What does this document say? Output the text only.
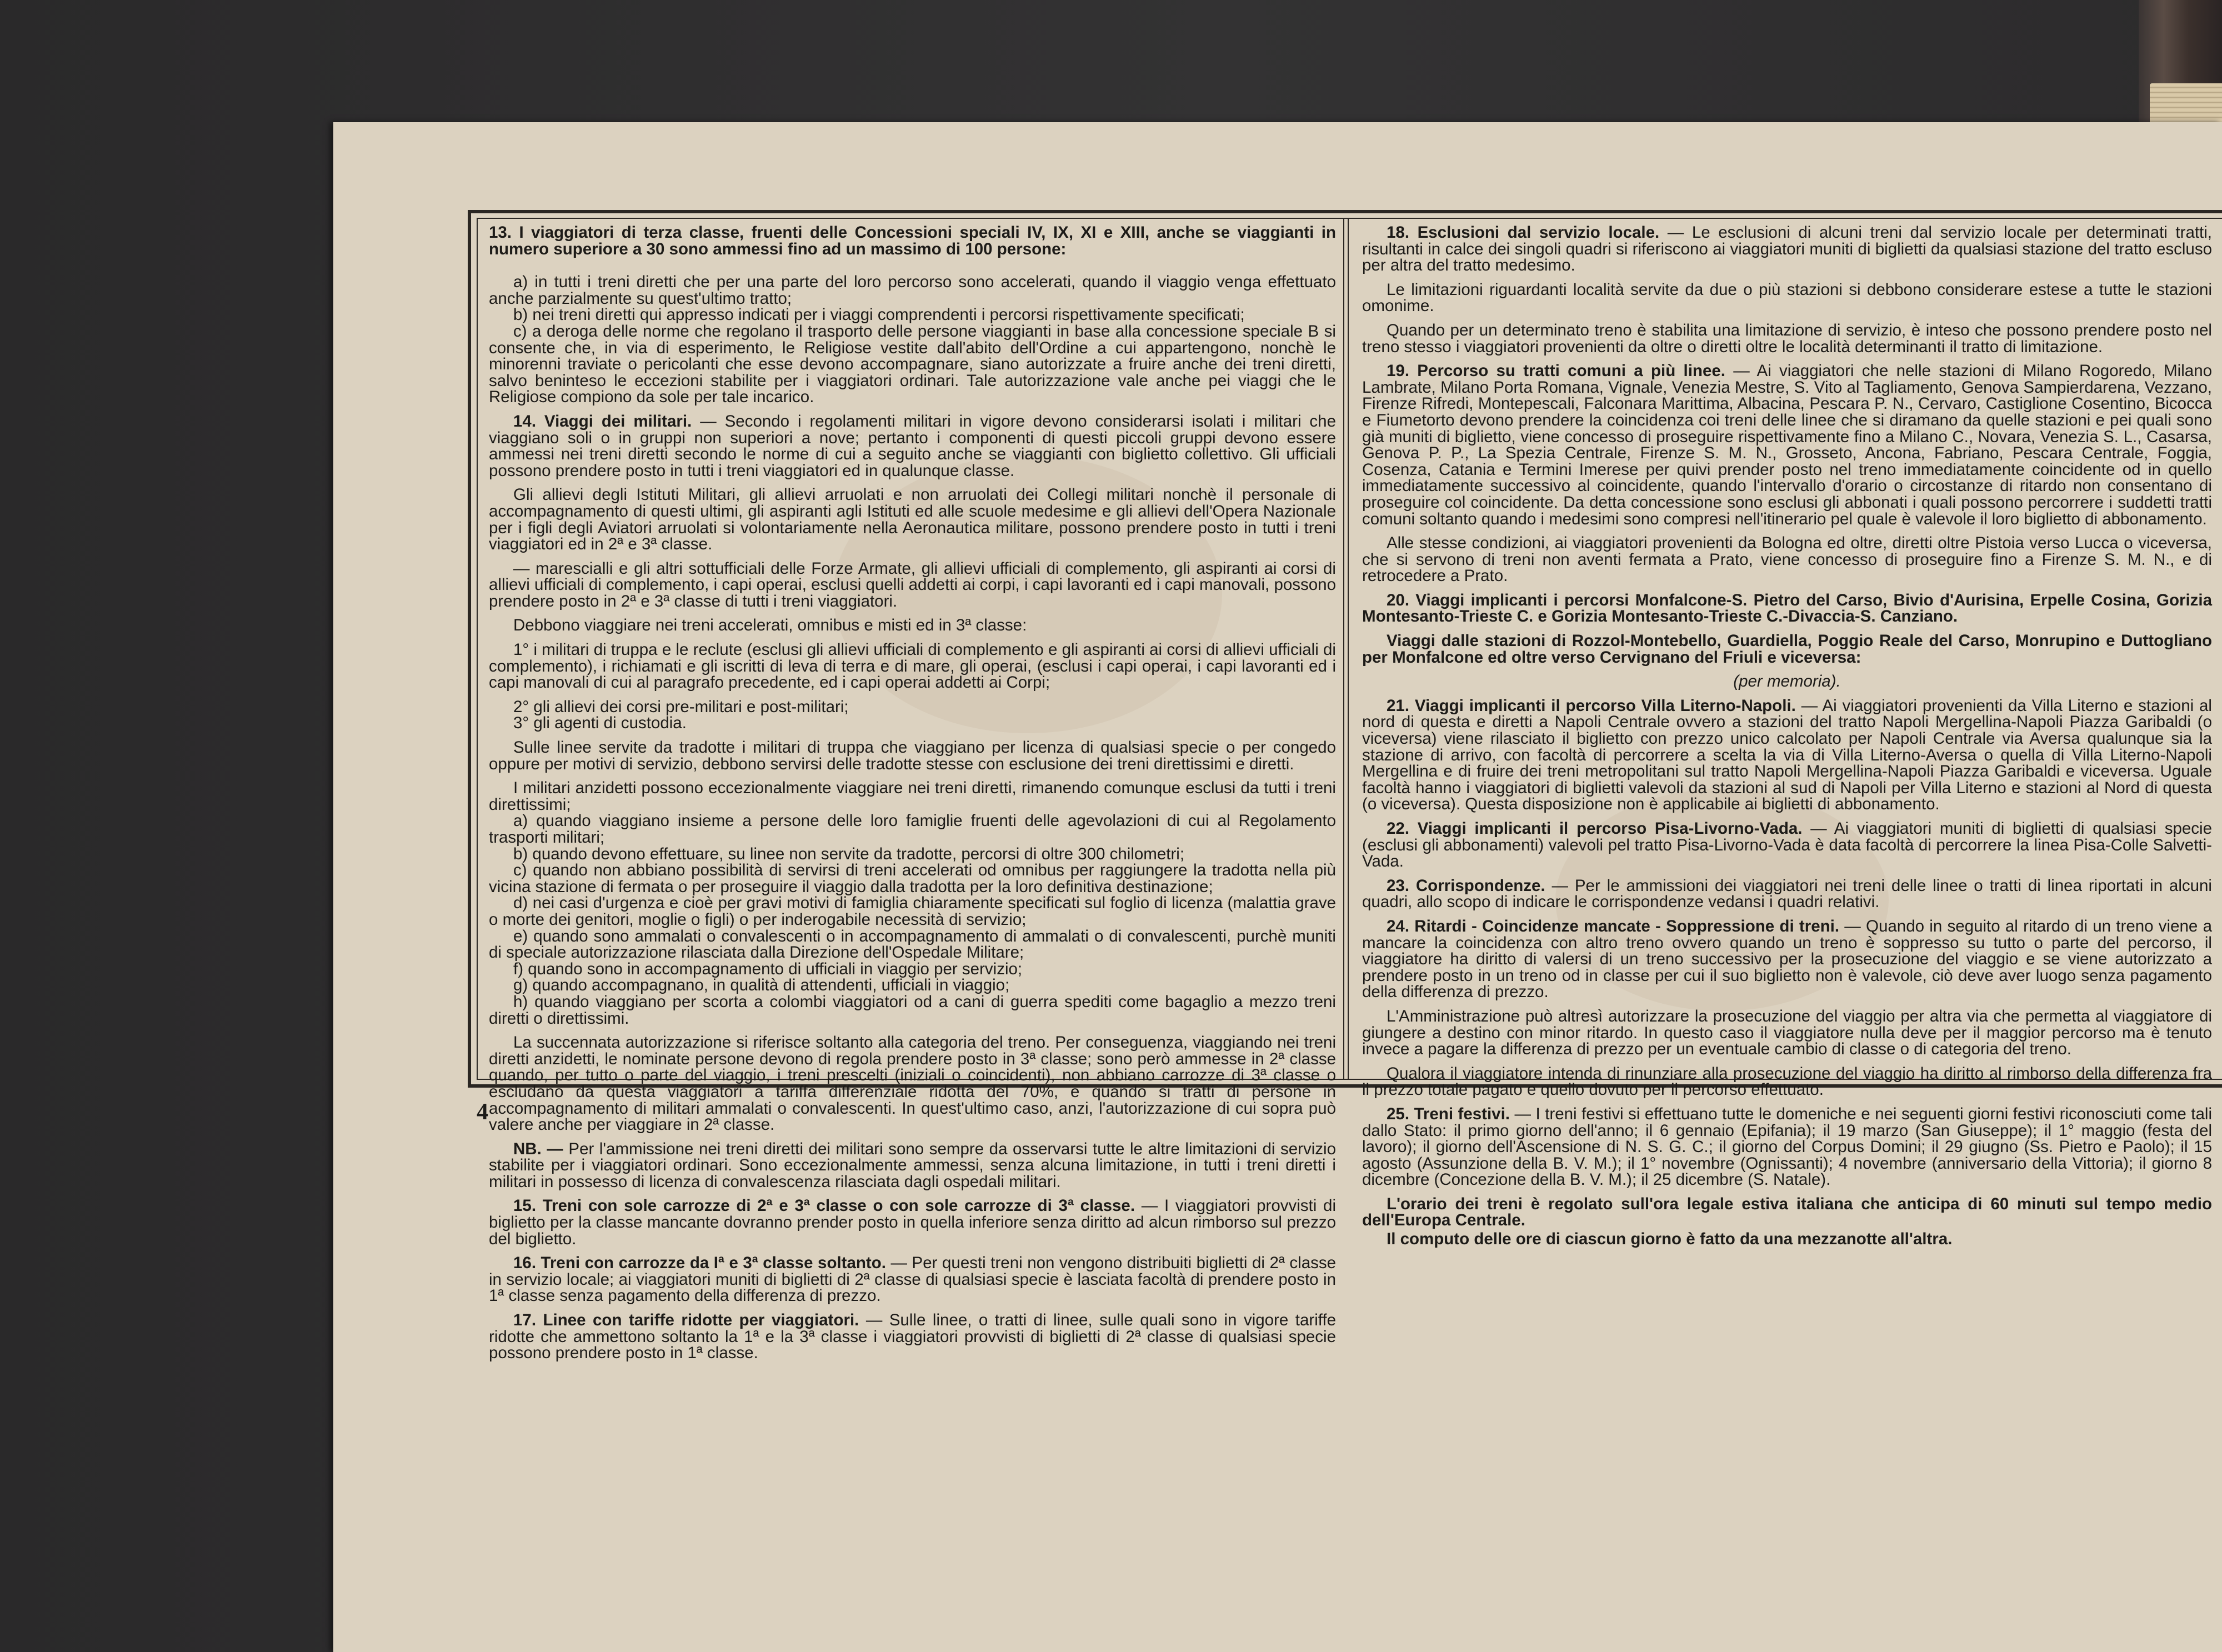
13. I viaggiatori di terza classe, fruenti delle Concessioni speciali IV, IX, XI e XIII, anche se viaggianti in numero superiore a 30 sono ammessi fino ad un massimo di 100 persone:

a) in tutti i treni diretti che per una parte del loro percorso sono accelerati, quando il viaggio venga effettuato anche parzialmente su quest'ultimo tratto;

b) nei treni diretti qui appresso indicati per i viaggi comprendenti i percorsi rispettivamente specificati;

c) a deroga delle norme che regolano il trasporto delle persone viaggianti in base alla concessione speciale B si consente che, in via di esperimento, le Religiose vestite dall'abito dell'Ordine a cui appartengono, nonchè le minorenni traviate o pericolanti che esse devono accompagnare, siano autorizzate a fruire anche dei treni diretti, salvo beninteso le eccezioni stabilite per i viaggiatori ordinari. Tale autorizzazione vale anche pei viaggi che le Religiose compiono da sole per tale incarico.

14. Viaggi dei militari. — Secondo i regolamenti militari in vigore devono considerarsi isolati i militari che viaggiano soli o in gruppi non superiori a nove; pertanto i componenti di questi piccoli gruppi devono essere ammessi nei treni diretti secondo le norme di cui a seguito anche se viaggianti con biglietto collettivo. Gli ufficiali possono prendere posto in tutti i treni viaggiatori ed in qualunque classe.

Gli allievi degli Istituti Militari, gli allievi arruolati e non arruolati dei Collegi militari nonchè il personale di accompagnamento di questi ultimi, gli aspiranti agli Istituti ed alle scuole medesime e gli allievi dell'Opera Nazionale per i figli degli Aviatori arruolati si volontariamente nella Aeronautica militare, possono prendere posto in tutti i treni viaggiatori ed in 2ª e 3ª classe.

— marescialli e gli altri sottufficiali delle Forze Armate, gli allievi ufficiali di complemento, gli aspiranti ai corsi di allievi ufficiali di complemento, i capi operai, esclusi quelli addetti ai corpi, i capi lavoranti ed i capi manovali, possono prendere posto in 2ª e 3ª classe di tutti i treni viaggiatori.

Debbono viaggiare nei treni accelerati, omnibus e misti ed in 3ª classe:

1° i militari di truppa e le reclute (esclusi gli allievi ufficiali di complemento e gli aspiranti ai corsi di allievi ufficiali di complemento), i richiamati e gli iscritti di leva di terra e di mare, gli operai, (esclusi i capi operai, i capi lavoranti ed i capi manovali di cui al paragrafo precedente, ed i capi operai addetti ai Corpi;

2° gli allievi dei corsi pre-militari e post-militari;

3° gli agenti di custodia.

Sulle linee servite da tradotte i militari di truppa che viaggiano per licenza di qualsiasi specie o per congedo oppure per motivi di servizio, debbono servirsi delle tradotte stesse con esclusione dei treni direttissimi e diretti.

I militari anzidetti possono eccezionalmente viaggiare nei treni diretti, rimanendo comunque esclusi da tutti i treni direttissimi;

a) quando viaggiano insieme a persone delle loro famiglie fruenti delle agevolazioni di cui al Regolamento trasporti militari;

b) quando devono effettuare, su linee non servite da tradotte, percorsi di oltre 300 chilometri;

c) quando non abbiano possibilità di servirsi di treni accelerati od omnibus per raggiungere la tradotta nella più vicina stazione di fermata o per proseguire il viaggio dalla tradotta per la loro definitiva destinazione;

d) nei casi d'urgenza e cioè per gravi motivi di famiglia chiaramente specificati sul foglio di licenza (malattia grave o morte dei genitori, moglie o figli) o per inderogabile necessità di servizio;

e) quando sono ammalati o convalescenti o in accompagnamento di ammalati o di convalescenti, purchè muniti di speciale autorizzazione rilasciata dalla Direzione dell'Ospedale Militare;

f) quando sono in accompagnamento di ufficiali in viaggio per servizio;

g) quando accompagnano, in qualità di attendenti, ufficiali in viaggio;

h) quando viaggiano per scorta a colombi viaggiatori od a cani di guerra spediti come bagaglio a mezzo treni diretti o direttissimi.

La succennata autorizzazione si riferisce soltanto alla categoria del treno. Per conseguenza, viaggiando nei treni diretti anzidetti, le nominate persone devono di regola prendere posto in 3ª classe; sono però ammesse in 2ª classe quando, per tutto o parte del viaggio, i treni prescelti (iniziali o coincidenti), non abbiano carrozze di 3ª classe o escludano da questa viaggiatori a tariffa differenziale ridotta del 70%, e quando si tratti di persone in accompagnamento di militari ammalati o convalescenti. In quest'ultimo caso, anzi, l'autorizzazione di cui sopra può valere anche per viaggiare in 2ª classe.

NB. — Per l'ammissione nei treni diretti dei militari sono sempre da osservarsi tutte le altre limitazioni di servizio stabilite per i viaggiatori ordinari. Sono eccezionalmente ammessi, senza alcuna limitazione, in tutti i treni diretti i militari in possesso di licenza di convalescenza rilasciata dagli ospedali militari.

15. Treni con sole carrozze di 2ª e 3ª classe o con sole carrozze di 3ª classe. — I viaggiatori provvisti di biglietto per la classe mancante dovranno prender posto in quella inferiore senza diritto ad alcun rimborso sul prezzo del biglietto.

16. Treni con carrozze da Iª e 3ª classe soltanto. — Per questi treni non vengono distribuiti biglietti di 2ª classe in servizio locale; ai viaggiatori muniti di biglietti di 2ª classe di qualsiasi specie è lasciata facoltà di prendere posto in 1ª classe senza pagamento della differenza di prezzo.

17. Linee con tariffe ridotte per viaggiatori. — Sulle linee, o tratti di linee, sulle quali sono in vigore tariffe ridotte che ammettono soltanto la 1ª e la 3ª classe i viaggiatori provvisti di biglietti di 2ª classe di qualsiasi specie possono prendere posto in 1ª classe.

18. Esclusioni dal servizio locale. — Le esclusioni di alcuni treni dal servizio locale per determinati tratti, risultanti in calce dei singoli quadri si riferiscono ai viaggiatori muniti di biglietti da qualsiasi stazione del tratto escluso per altra del tratto medesimo.

Le limitazioni riguardanti località servite da due o più stazioni si debbono considerare estese a tutte le stazioni omonime.

Quando per un determinato treno è stabilita una limitazione di servizio, è inteso che possono prendere posto nel treno stesso i viaggiatori provenienti da oltre o diretti oltre le località determinanti il tratto di limitazione.

19. Percorso su tratti comuni a più linee. — Ai viaggiatori che nelle stazioni di Milano Rogoredo, Milano Lambrate, Milano Porta Romana, Vignale, Venezia Mestre, S. Vito al Tagliamento, Genova Sampierdarena, Vezzano, Firenze Rifredi, Montepescali, Falconara Marittima, Albacina, Pescara P. N., Cervaro, Castiglione Cosentino, Bicocca e Fiumetorto devono prendere la coincidenza coi treni delle linee che si diramano da quelle stazioni e pei quali sono già muniti di biglietto, viene concesso di proseguire rispettivamente fino a Milano C., Novara, Venezia S. L., Casarsa, Genova P. P., La Spezia Centrale, Firenze S. M. N., Grosseto, Ancona, Fabriano, Pescara Centrale, Foggia, Cosenza, Catania e Termini Imerese per quivi prender posto nel treno immediatamente coincidente od in quello immediatamente successivo al coincidente, quando l'intervallo d'orario o circostanze di ritardo non consentano di proseguire col coincidente. Da detta concessione sono esclusi gli abbonati i quali possono percorrere i suddetti tratti comuni soltanto quando i medesimi sono compresi nell'itinerario pel quale è valevole il loro biglietto di abbonamento.

Alle stesse condizioni, ai viaggiatori provenienti da Bologna ed oltre, diretti oltre Pistoia verso Lucca o viceversa, che si servono di treni non aventi fermata a Prato, viene concesso di proseguire fino a Firenze S. M. N., e di retrocedere a Prato.

20. Viaggi implicanti i percorsi Monfalcone-S. Pietro del Carso, Bivio d'Aurisina, Erpelle Cosina, Gorizia Montesanto-Trieste C. e Gorizia Montesanto-Trieste C.-Divaccia-S. Canziano.

Viaggi dalle stazioni di Rozzol-Montebello, Guardiella, Poggio Reale del Carso, Monrupino e Duttogliano per Monfalcone ed oltre verso Cervignano del Friuli e viceversa:

(per memoria).

21. Viaggi implicanti il percorso Villa Literno-Napoli. — Ai viaggiatori provenienti da Villa Literno e stazioni al nord di questa e diretti a Napoli Centrale ovvero a stazioni del tratto Napoli Mergellina-Napoli Piazza Garibaldi (o viceversa) viene rilasciato il biglietto con prezzo unico calcolato per Napoli Centrale via Aversa qualunque sia la stazione di arrivo, con facoltà di percorrere a scelta la via di Villa Literno-Aversa o quella di Villa Literno-Napoli Mergellina e di fruire dei treni metropolitani sul tratto Napoli Mergellina-Napoli Piazza Garibaldi e viceversa. Uguale facoltà hanno i viaggiatori di biglietti valevoli da stazioni al sud di Napoli per Villa Literno e stazioni al Nord di questa (o viceversa). Questa disposizione non è applicabile ai biglietti di abbonamento.

22. Viaggi implicanti il percorso Pisa-Livorno-Vada. — Ai viaggiatori muniti di biglietti di qualsiasi specie (esclusi gli abbonamenti) valevoli pel tratto Pisa-Livorno-Vada è data facoltà di percorrere la linea Pisa-Colle Salvetti-Vada.

23. Corrispondenze. — Per le ammissioni dei viaggiatori nei treni delle linee o tratti di linea riportati in alcuni quadri, allo scopo di indicare le corrispondenze vedansi i quadri relativi.

24. Ritardi - Coincidenze mancate - Soppressione di treni. — Quando in seguito al ritardo di un treno viene a mancare la coincidenza con altro treno ovvero quando un treno è soppresso su tutto o parte del percorso, il viaggiatore ha diritto di valersi di un treno successivo per la prosecuzione del viaggio e se viene autorizzato a prendere posto in un treno od in classe per cui il suo biglietto non è valevole, ciò deve aver luogo senza pagamento della differenza di prezzo.

L'Amministrazione può altresì autorizzare la prosecuzione del viaggio per altra via che permetta al viaggiatore di giungere a destino con minor ritardo. In questo caso il viaggiatore nulla deve per il maggior percorso ma è tenuto invece a pagare la differenza di prezzo per un eventuale cambio di classe o di categoria del treno.

Qualora il viaggiatore intenda di rinunziare alla prosecuzione del viaggio ha diritto al rimborso della differenza fra il prezzo totale pagato e quello dovuto per il percorso effettuato.

25. Treni festivi. — I treni festivi si effettuano tutte le domeniche e nei seguenti giorni festivi riconosciuti come tali dallo Stato: il primo giorno dell'anno; il 6 gennaio (Epifania); il 19 marzo (San Giuseppe); il 1° maggio (festa del lavoro); il giorno dell'Ascensione di N. S. G. C.; il giorno del Corpus Domini; il 29 giugno (Ss. Pietro e Paolo); il 15 agosto (Assunzione della B. V. M.); il 1° novembre (Ognissanti); 4 novembre (anniversario della Vittoria); il giorno 8 dicembre (Concezione della B. V. M.); il 25 dicembre (S. Natale).

L'orario dei treni è regolato sull'ora legale estiva italiana che anticipa di 60 minuti sul tempo medio dell'Europa Centrale.

Il computo delle ore di ciascun giorno è fatto da una mezzanotte all'altra.

4
